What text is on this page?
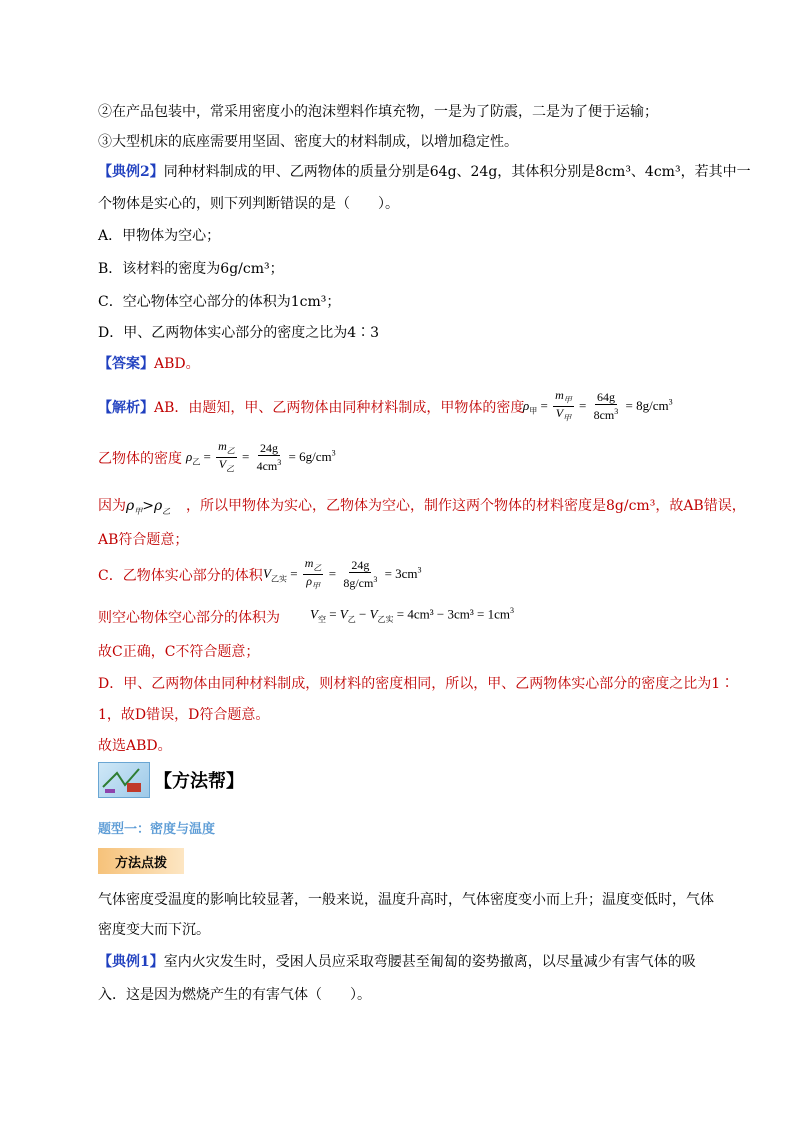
②在产品包装中，常采用密度小的泡沫塑料作填充物，一是为了防震，二是为了便于运输；
③大型机床的底座需要用坚固、密度大的材料制成，以增加稳定性。
【典例2】同种材料制成的甲、乙两物体的质量分别是64g、24g，其体积分别是8cm³、4cm³，若其中一
个物体是实心的，则下列判断错误的是（　　）。
A．甲物体为空心；
B．该材料的密度为6g/cm³；
C．空心物体空心部分的体积为1cm³；
D．甲、乙两物体实心部分的密度之比为4∶3
【答案】ABD。
【解析】AB．由题知，甲、乙两物体由同种材料制成，甲物体的密度
$\rho_甲 = \frac{m_甲}{V_甲} = \frac{64g}{8cm^3} = 8g/cm^3$
乙物体的密度 $\rho_乙 = \frac{m_乙}{V_乙} = \frac{24g}{4cm^3} = 6g/cm^3$
因为$\rho_甲>\rho_乙$ ，所以甲物体为实心，乙物体为空心，制作这两个物体的材料密度是8g/cm³，故AB错误，
AB符合题意；
C．乙物体实心部分的体积 $V_{乙实} = \frac{m_乙}{\rho_甲} = \frac{24g}{8g/cm^3} = 3cm^3$
则空心物体空心部分的体积为 $V_空 = V_乙 - V_{乙实} = 4cm^3 - 3cm^3 = 1cm^3$
故C正确，C不符合题意；
D．甲、乙两物体由同种材料制成，则材料的密度相同，所以，甲、乙两物体实心部分的密度之比为1∶
1，故D错误，D符合题意。
故选ABD。
【方法帮】
题型一：密度与温度
方法点拨
气体密度受温度的影响比较显著，一般来说，温度升高时，气体密度变小而上升；温度变低时，气体
密度变大而下沉。
【典例1】室内火灾发生时，受困人员应采取弯腰甚至匍匐的姿势撤离，以尽量减少有害气体的吸
入．这是因为燃烧产生的有害气体（　　）。
